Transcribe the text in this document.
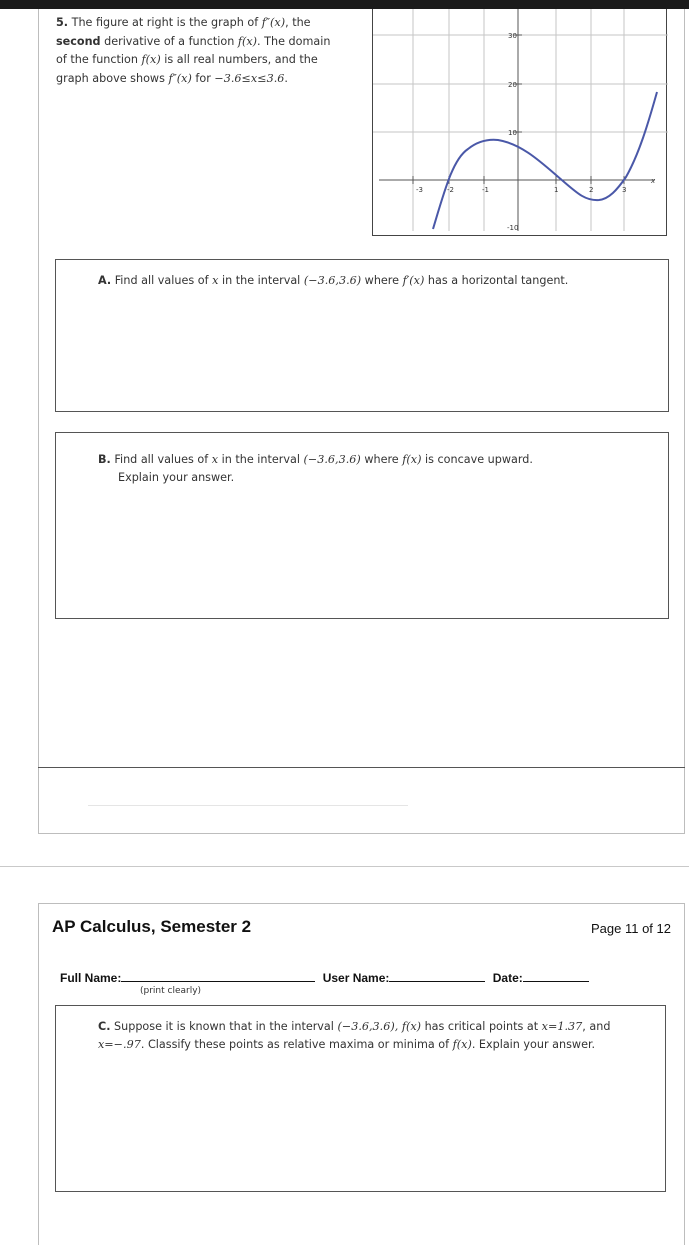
5. The figure at right is the graph of f″(x), the
second derivative of a function f(x). The domain
of the function f(x) is all real numbers, and the
graph above shows f″(x) for −3.6≤x≤3.6.
-3	-2	-1	1	2	3
30
20
10
-10
x
A. Find all values of x in the interval (−3.6,3.6) where f′(x) has a horizontal tangent.
B. Find all values of x in the interval (−3.6,3.6) where f(x) is concave upward.
Explain your answer.
AP Calculus, Semester 2	Page 11 of 12
Full Name:	User Name:	Date:
(print clearly)
C. Suppose it is known that in the interval (−3.6,3.6), f(x) has critical points at x=1.37, and
x=−.97. Classify these points as relative maxima or minima of f(x). Explain your answer.
